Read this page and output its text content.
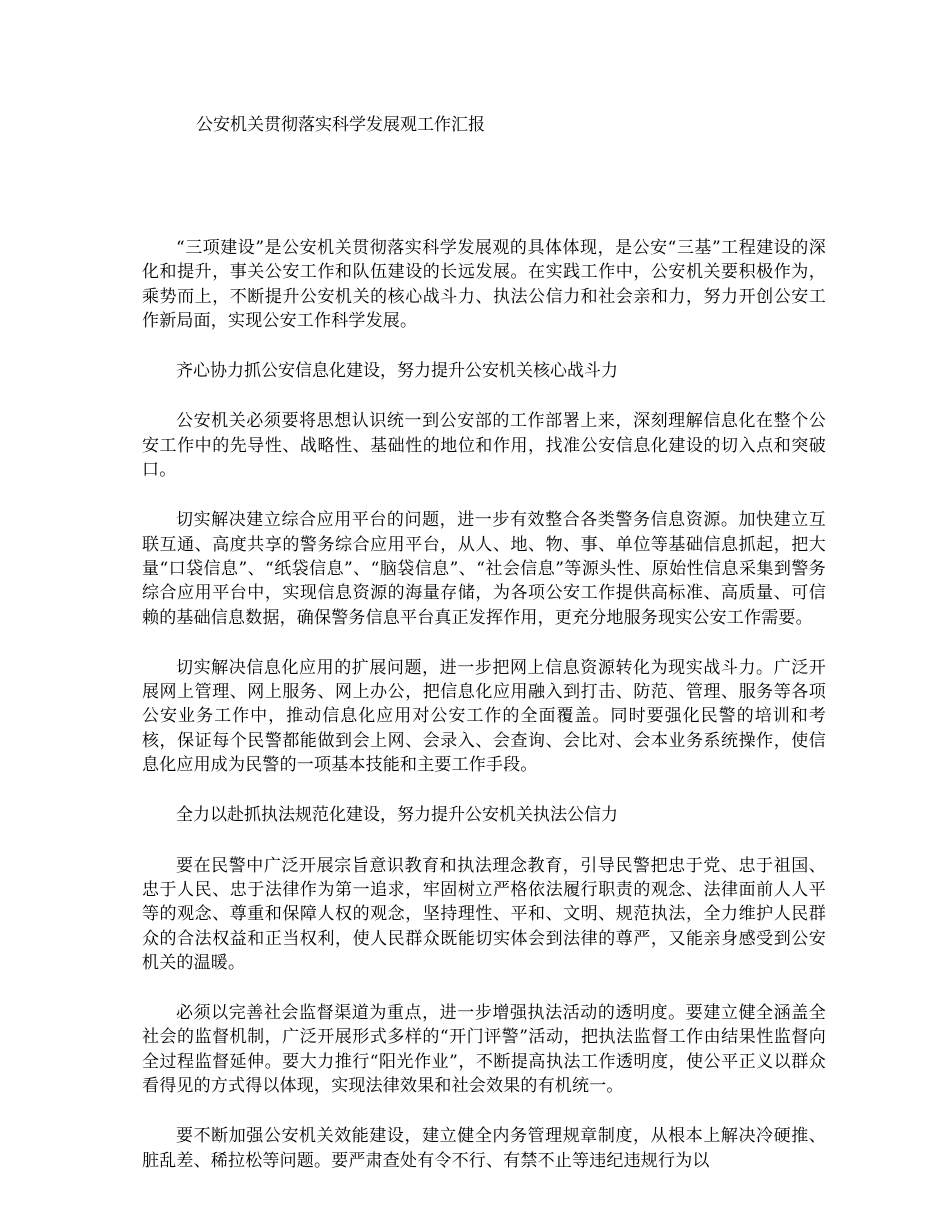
公安机关贯彻落实科学发展观工作汇报

“三项建设”是公安机关贯彻落实科学发展观的具体体现，是公安“三基”工程建设的深化和提升，事关公安工作和队伍建设的长远发展。在实践工作中，公安机关要积极作为，乘势而上，不断提升公安机关的核心战斗力、执法公信力和社会亲和力，努力开创公安工作新局面，实现公安工作科学发展。

齐心协力抓公安信息化建设，努力提升公安机关核心战斗力

公安机关必须要将思想认识统一到公安部的工作部署上来，深刻理解信息化在整个公安工作中的先导性、战略性、基础性的地位和作用，找准公安信息化建设的切入点和突破口。

切实解决建立综合应用平台的问题，进一步有效整合各类警务信息资源。加快建立互联互通、高度共享的警务综合应用平台，从人、地、物、事、单位等基础信息抓起，把大量“口袋信息”、“纸袋信息”、“脑袋信息”、“社会信息”等源头性、原始性信息采集到警务综合应用平台中，实现信息资源的海量存储，为各项公安工作提供高标准、高质量、可信赖的基础信息数据，确保警务信息平台真正发挥作用，更充分地服务现实公安工作需要。

切实解决信息化应用的扩展问题，进一步把网上信息资源转化为现实战斗力。广泛开展网上管理、网上服务、网上办公，把信息化应用融入到打击、防范、管理、服务等各项公安业务工作中，推动信息化应用对公安工作的全面覆盖。同时要强化民警的培训和考核，保证每个民警都能做到会上网、会录入、会查询、会比对、会本业务系统操作，使信息化应用成为民警的一项基本技能和主要工作手段。

全力以赴抓执法规范化建设，努力提升公安机关执法公信力

要在民警中广泛开展宗旨意识教育和执法理念教育，引导民警把忠于党、忠于祖国、忠于人民、忠于法律作为第一追求，牢固树立严格依法履行职责的观念、法律面前人人平等的观念、尊重和保障人权的观念，坚持理性、平和、文明、规范执法，全力维护人民群众的合法权益和正当权利，使人民群众既能切实体会到法律的尊严，又能亲身感受到公安机关的温暖。

必须以完善社会监督渠道为重点，进一步增强执法活动的透明度。要建立健全涵盖全社会的监督机制，广泛开展形式多样的“开门评警”活动，把执法监督工作由结果性监督向全过程监督延伸。要大力推行“阳光作业”，不断提高执法工作透明度，使公平正义以群众看得见的方式得以体现，实现法律效果和社会效果的有机统一。

要不断加强公安机关效能建设，建立健全内务管理规章制度，从根本上解决冷硬推、脏乱差、稀拉松等问题。要严肃查处有令不行、有禁不止等违纪违规行为以
